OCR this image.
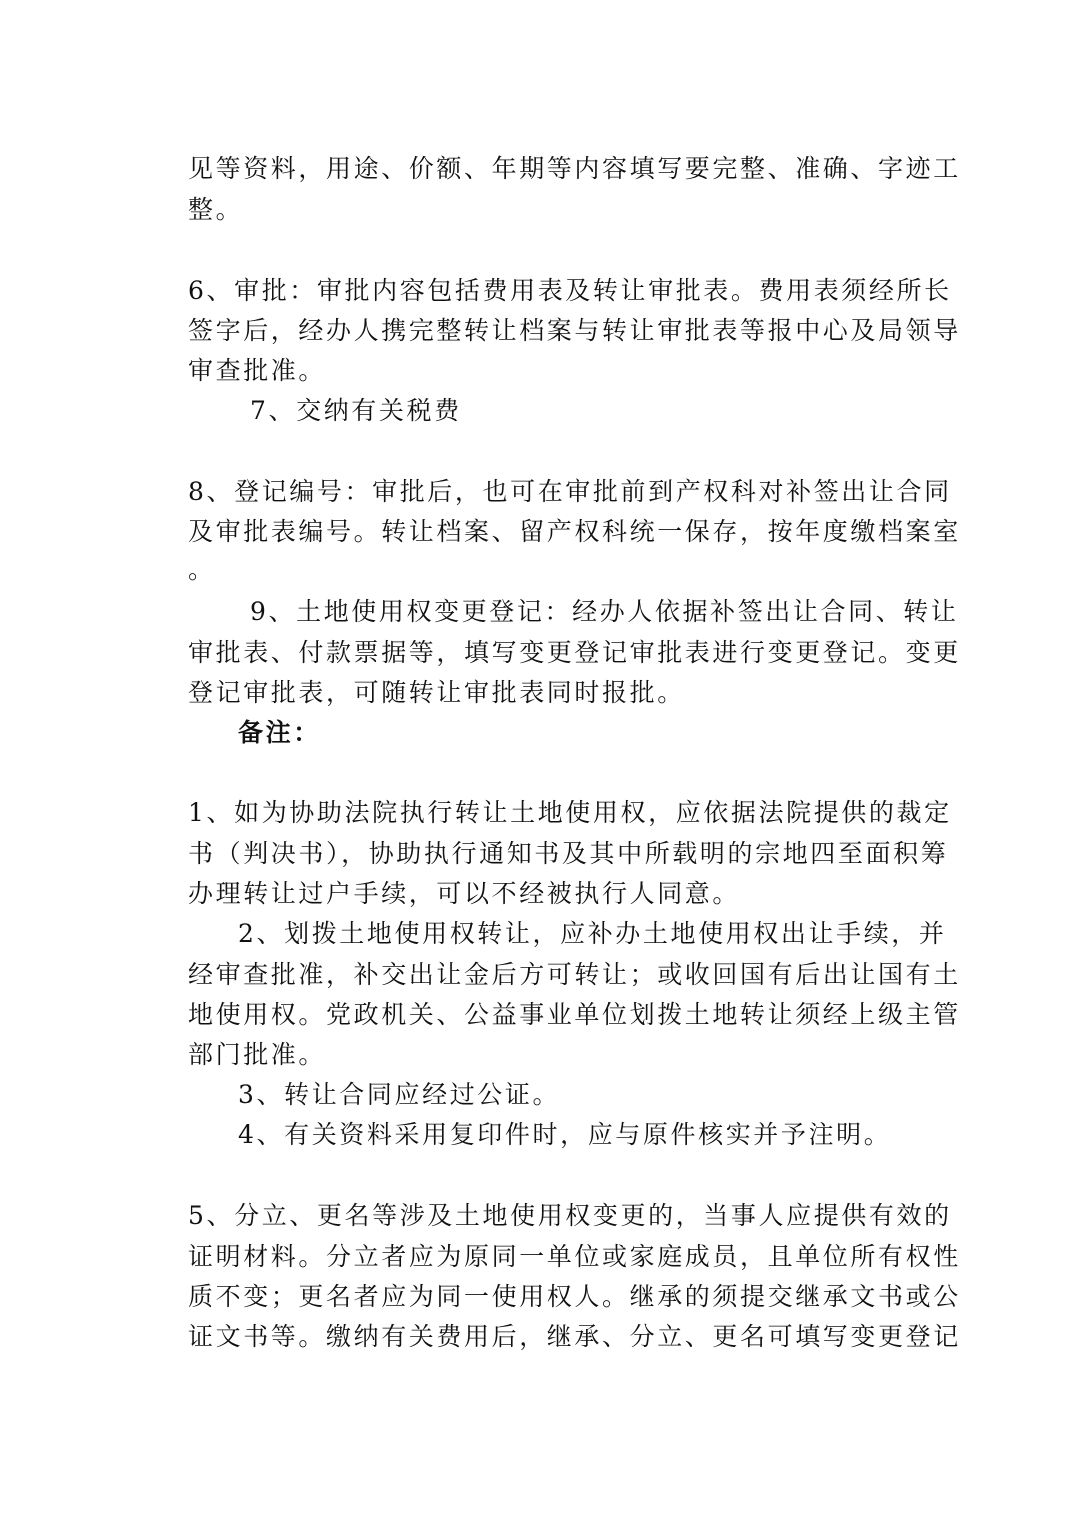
见等资料，用途、价额、年期等内容填写要完整、准确、字迹工
整。
6、审批：审批内容包括费用表及转让审批表。费用表须经所长
签字后，经办人携完整转让档案与转让审批表等报中心及局领导
审查批准。
7、交纳有关税费
8、登记编号：审批后，也可在审批前到产权科对补签出让合同
及审批表编号。转让档案、留产权科统一保存，按年度缴档案室
。
9、土地使用权变更登记：经办人依据补签出让合同、转让
审批表、付款票据等，填写变更登记审批表进行变更登记。变更
登记审批表，可随转让审批表同时报批。
备注：
1、如为协助法院执行转让土地使用权，应依据法院提供的裁定
书（判决书），协助执行通知书及其中所载明的宗地四至面积筹
办理转让过户手续，可以不经被执行人同意。
2、划拨土地使用权转让，应补办土地使用权出让手续，并
经审查批准，补交出让金后方可转让；或收回国有后出让国有土
地使用权。党政机关、公益事业单位划拨土地转让须经上级主管
部门批准。
3、转让合同应经过公证。
4、有关资料采用复印件时，应与原件核实并予注明。
5、分立、更名等涉及土地使用权变更的，当事人应提供有效的
证明材料。分立者应为原同一单位或家庭成员，且单位所有权性
质不变；更名者应为同一使用权人。继承的须提交继承文书或公
证文书等。缴纳有关费用后，继承、分立、更名可填写变更登记
